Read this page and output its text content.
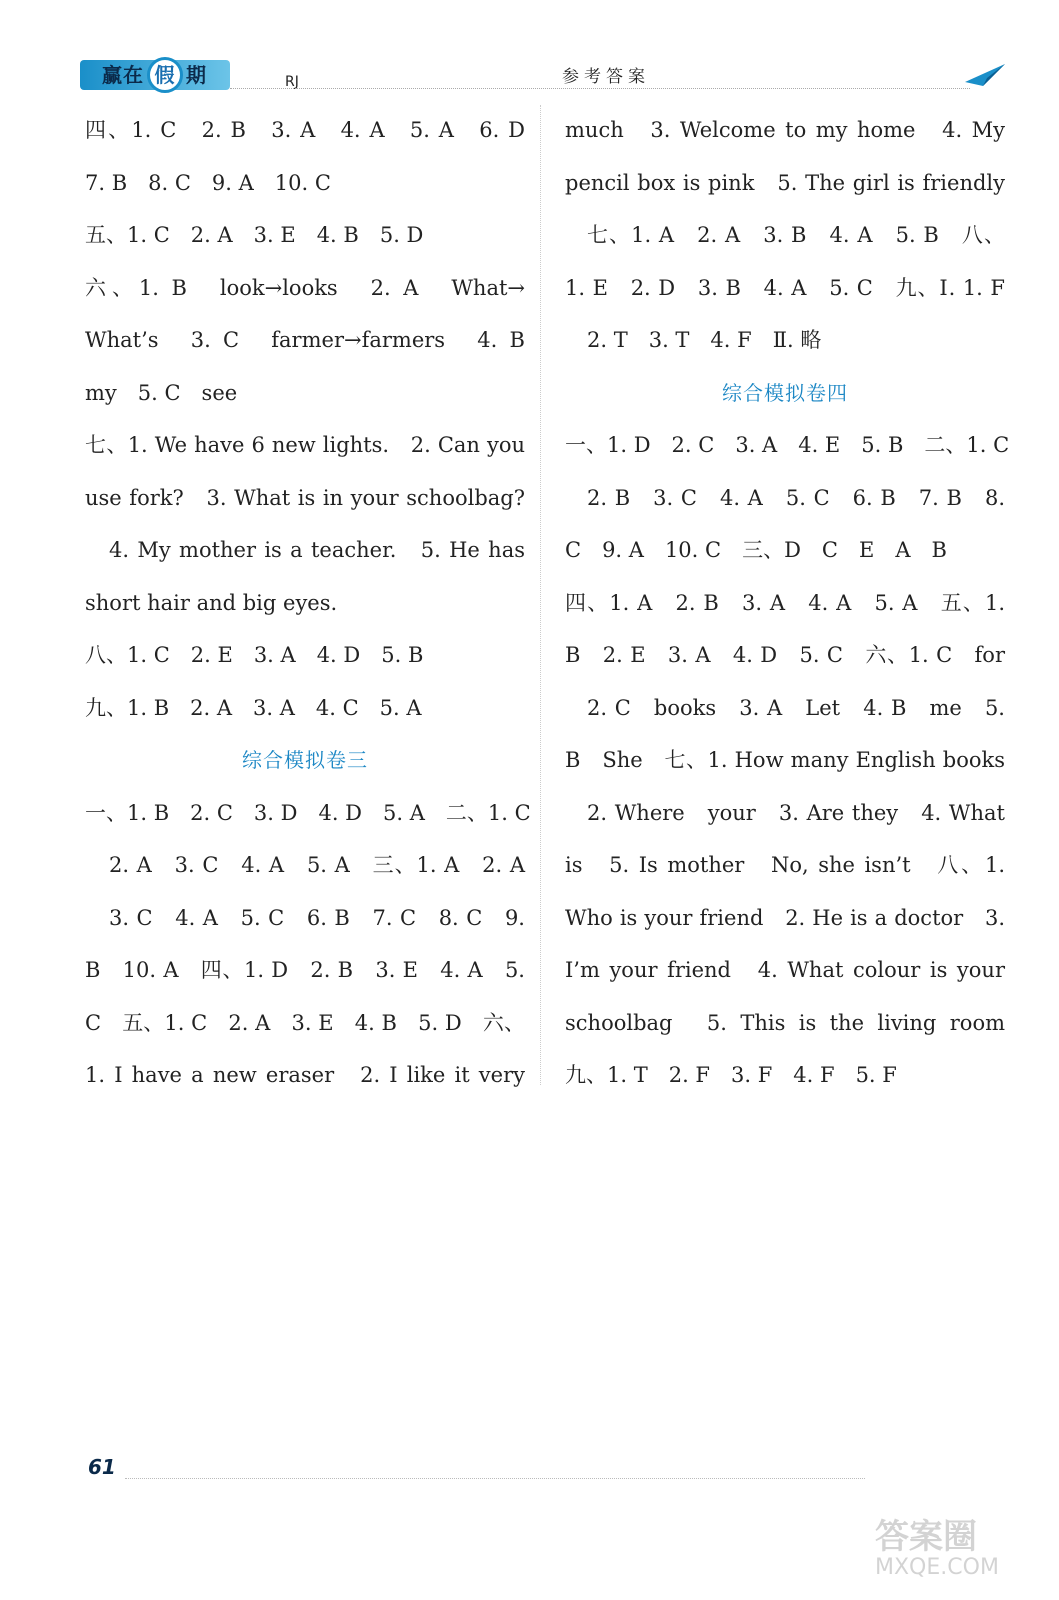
赢在 假 期	RJ	参考答案
四、1. C　2. B　3. A　4. A　5. A　6. D
7. B　8. C　9. A　10. C
五、1. C　2. A　3. E　4. B　5. D
六、1. B　look→looks　2. A　What→
What’s　3. C　farmer→farmers　4. B
my　5. C　see
七、1. We have 6 new lights.　2. Can you
use fork?　3. What is in your schoolbag?
4. My mother is a teacher.　5. He has
short hair and big eyes.
八、1. C　2. E　3. A　4. D　5. B
九、1. B　2. A　3. A　4. C　5. A
综合模拟卷三
一、1. B　2. C　3. D　4. D　5. A　二、1. C
2. A　3. C　4. A　5. A　三、1. A　2. A
3. C　4. A　5. C　6. B　7. C　8. C　9.
B　10. A　四、1. D　2. B　3. E　4. A　5.
C　五、1. C　2. A　3. E　4. B　5. D　六、
1. I have a new eraser　2. I like it very
much　3. Welcome to my home　4. My
pencil box is pink　5. The girl is friendly
七、1. A　2. A　3. B　4. A　5. B　八、
1. E　2. D　3. B　4. A　5. C　九、Ⅰ. 1. F
2. T　3. T　4. F　Ⅱ. 略
综合模拟卷四
一、1. D　2. C　3. A　4. E　5. B　二、1. C
2. B　3. C　4. A　5. C　6. B　7. B　8.
C　9. A　10. C　三、D　C　E　A　B
四、1. A　2. B　3. A　4. A　5. A　五、1.
B　2. E　3. A　4. D　5. C　六、1. C　for
2. C　books　3. A　Let　4. B　me　5.
B　She　七、1. How many English books
2. Where　your　3. Are they　4. What
is　5. Is mother　No, she isn’t　八、1.
Who is your friend　2. He is a doctor　3.
I’m your friend　4. What colour is your
schoolbag　5. This is the living room
九、1. T　2. F　3. F　4. F　5. F
61
答案圈
MXQE.COM
